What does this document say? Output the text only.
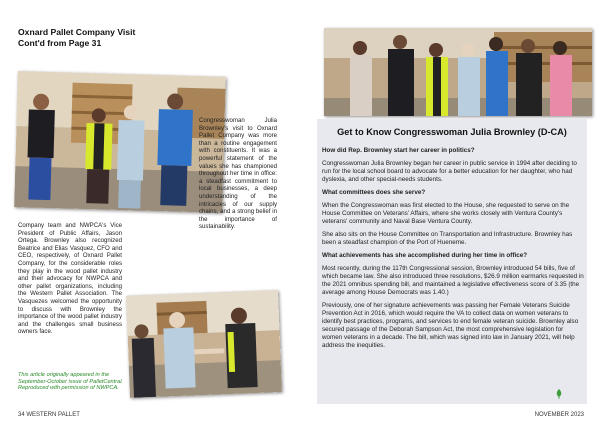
Oxnard Pallet Company Visit
Cont'd from Page 31
Company team and NWPCA's Vice President of Public Affairs, Jason Ortega. Brownley also recognized Beatrice and Elias Vasquez, CFO and CEO, respectively, of Oxnard Pallet Company, for the considerable roles they play in the wood pallet industry and their advocacy for NWPCA and other pallet organizations, including the Western Pallet Association. The Vasquezes welcomed the opportunity to discuss with Brownley the importance of the wood pallet industry and the challenges small business owners face.
Congresswoman Julia Brownley's visit to Oxnard Pallet Company was more than a routine engagement with constituents. It was a powerful statement of the values she has championed throughout her time in office: a steadfast commitment to local businesses, a deep understanding of the intricacies of our supply chains, and a strong belief in the importance of sustainability.
This article originally appeared in the
September-October issue of PalletCentral.
Reproduced with permission of NWPCA.
34 WESTERN PALLET
Get to Know Congresswoman Julia Brownley (D-CA)

How did Rep. Brownley start her career in politics?

Congresswoman Julia Brownley began her career in public service in 1994 after deciding to run for the local school board to advocate for a better education for her daughter, who had dyslexia, and other special-needs students.

What committees does she serve?

When the Congresswoman was first elected to the House, she requested to serve on the House Committee on Veterans' Affairs, where she works closely with Ventura County's veterans' community and Naval Base Ventura County.

She also sits on the House Committee on Transportation and Infrastructure. Brownley has been a steadfast champion of the Port of Hueneme.

What achievements has she accomplished during her time in office?

Most recently, during the 117th Congressional session, Brownley introduced 54 bills, five of which became law. She also introduced three resolutions, $26.9 million earmarks requested in the 2021 omnibus spending bill, and maintained a legislative effectiveness score of 3.35 (the average among House Democrats was 1.40.)

Previously, one of her signature achievements was passing her Female Veterans Suicide Prevention Act in 2016, which would require the VA to collect data on women veterans to identify best practices, programs, and services to end female veteran suicide. Brownley also secured passage of the Deborah Sampson Act, the most comprehensive legislation for women veterans in a decade. The bill, which was signed into law in January 2021, will help address the inequities.

NOVEMBER 2023
